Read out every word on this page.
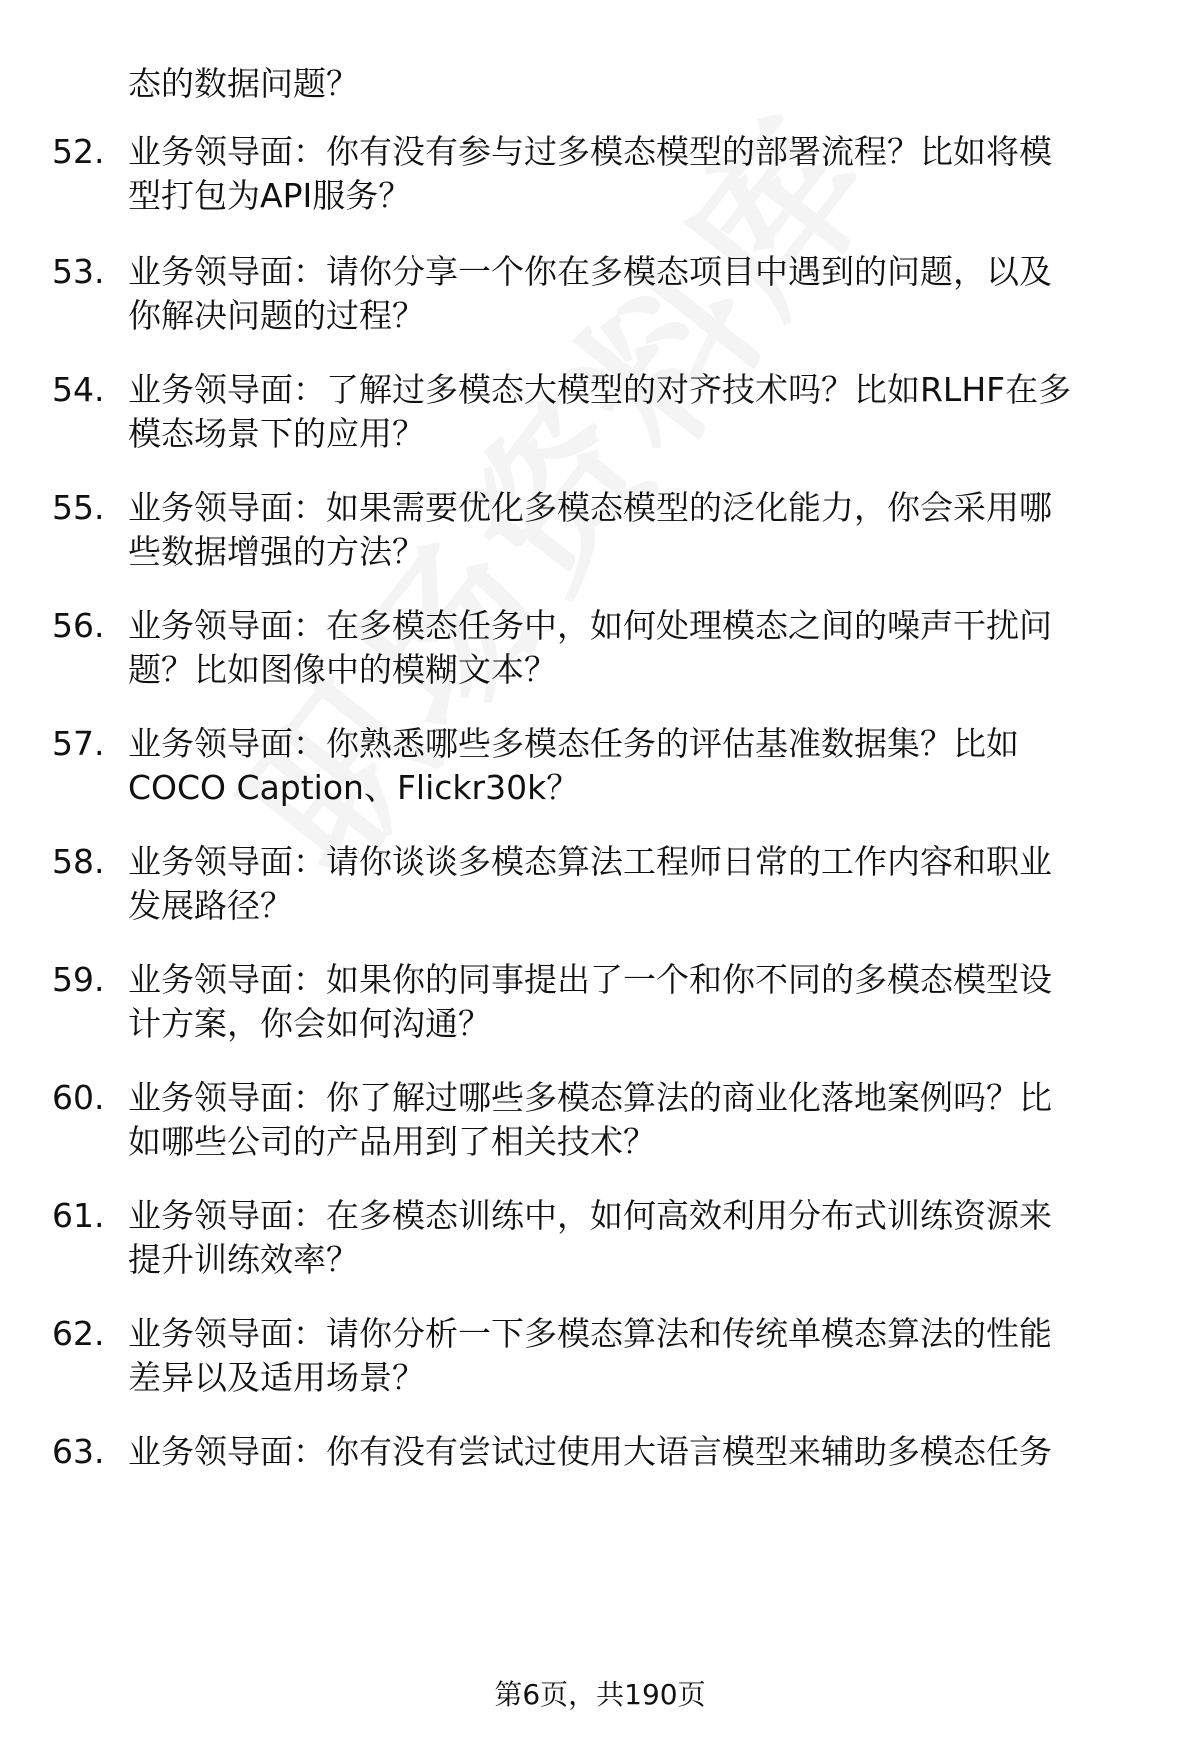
态的数据问题？
52. 业务领导面：你有没有参与过多模态模型的部署流程？比如将模
型打包为API服务？
53. 业务领导面：请你分享一个你在多模态项目中遇到的问题，以及
你解决问题的过程？
54. 业务领导面：了解过多模态大模型的对齐技术吗？比如RLHF在多
模态场景下的应用？
55. 业务领导面：如果需要优化多模态模型的泛化能力，你会采用哪
些数据增强的方法？
56. 业务领导面：在多模态任务中，如何处理模态之间的噪声干扰问
题？比如图像中的模糊文本？
57. 业务领导面：你熟悉哪些多模态任务的评估基准数据集？比如
COCO Caption、Flickr30k？
58. 业务领导面：请你谈谈多模态算法工程师日常的工作内容和职业
发展路径？
59. 业务领导面：如果你的同事提出了一个和你不同的多模态模型设
计方案，你会如何沟通？
60. 业务领导面：你了解过哪些多模态算法的商业化落地案例吗？比
如哪些公司的产品用到了相关技术？
61. 业务领导面：在多模态训练中，如何高效利用分布式训练资源来
提升训练效率？
62. 业务领导面：请你分析一下多模态算法和传统单模态算法的性能
差异以及适用场景？
63. 业务领导面：你有没有尝试过使用大语言模型来辅助多模态任务
第6页，共190页
